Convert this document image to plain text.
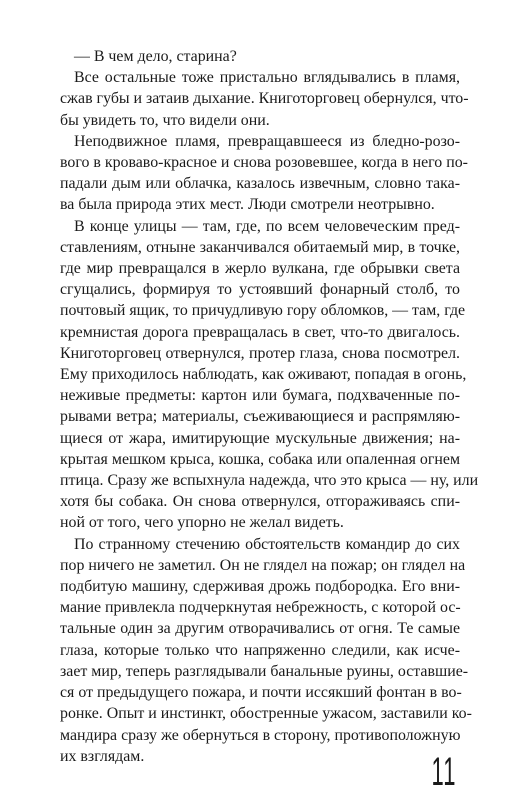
— В чем дело, старина?

Все остальные тоже пристально вглядывались в пламя,
сжав губы и затаив дыхание. Книготорговец обернулся, что-
бы увидеть то, что видели они.

Неподвижное пламя, превращавшееся из бледно-розо-
вого в кроваво-красное и снова розовевшее, когда в него по-
падали дым или облачка, казалось извечным, словно така-
ва была природа этих мест. Люди смотрели неотрывно.

В конце улицы — там, где, по всем человеческим пред-
ставлениям, отныне заканчивался обитаемый мир, в точке,
где мир превращался в жерло вулкана, где обрывки света
сгущались, формируя то устоявший фонарный столб, то
почтовый ящик, то причудливую гору обломков, — там, где
кремнистая дорога превращалась в свет, что-то двигалось.
Книготорговец отвернулся, протер глаза, снова посмотрел.
Ему приходилось наблюдать, как оживают, попадая в огонь,
неживые предметы: картон или бумага, подхваченные по-
рывами ветра; материалы, съеживающиеся и распрямляю-
щиеся от жара, имитирующие мускульные движения; на-
крытая мешком крыса, кошка, собака или опаленная огнем
птица. Сразу же вспыхнула надежда, что это крыса — ну, или
хотя бы собака. Он снова отвернулся, отгораживаясь спи-
ной от того, чего упорно не желал видеть.

По странному стечению обстоятельств командир до сих
пор ничего не заметил. Он не глядел на пожар; он глядел на
подбитую машину, сдерживая дрожь подбородка. Его вни-
мание привлекла подчеркнутая небрежность, с которой ос-
тальные один за другим отворачивались от огня. Те самые
глаза, которые только что напряженно следили, как исче-
зает мир, теперь разглядывали банальные руины, оставшие-
ся от предыдущего пожара, и почти иссякший фонтан в во-
ронке. Опыт и инстинкт, обостренные ужасом, заставили ко-
мандира сразу же обернуться в сторону, противоположную
их взглядам.	11
